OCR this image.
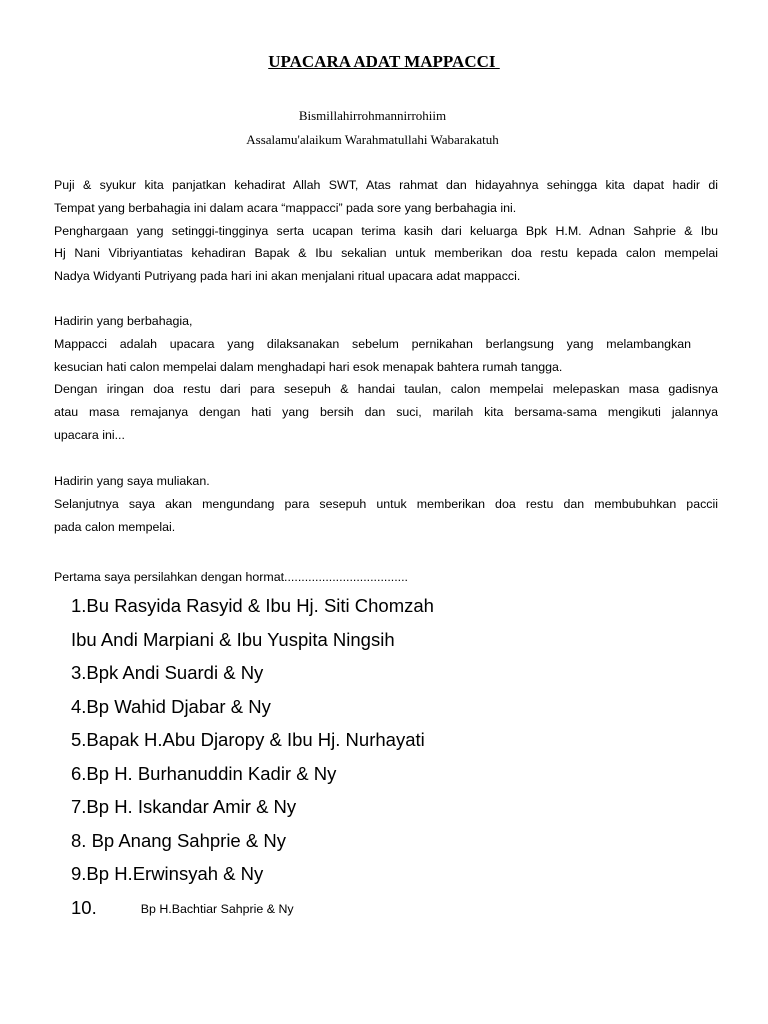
UPACARA ADAT MAPPACCI

Bismillahirrohmannirrohiim

Assalamu'alaikum Warahmatullahi Wabarakatuh

Puji & syukur kita panjatkan kehadirat Allah SWT, Atas rahmat dan hidayahnya sehingga kita dapat hadir di
Tempat yang berbahagia ini dalam acara “mappacci” pada sore yang berbahagia ini.
Penghargaan yang setinggi-tingginya serta ucapan terima kasih dari keluarga Bpk H.M. Adnan Sahprie & Ibu
Hj Nani Vibriyantiatas kehadiran Bapak & Ibu sekalian untuk memberikan doa restu kepada calon mempelai
Nadya Widyanti Putriyang pada hari ini akan menjalani ritual upacara adat mappacci.
Hadirin yang berbahagia,
Mappacci adalah upacara yang dilaksanakan sebelum pernikahan berlangsung yang melambangkan
kesucian hati calon mempelai dalam menghadapi hari esok menapak bahtera rumah tangga.
Dengan iringan doa restu dari para sesepuh & handai taulan, calon mempelai melepaskan masa gadisnya
atau masa remajanya dengan hati yang bersih dan suci, marilah kita bersama-sama mengikuti jalannya
upacara ini...
Hadirin yang saya muliakan.
Selanjutnya saya akan mengundang para sesepuh untuk memberikan doa restu dan membubuhkan paccii
pada calon mempelai.
Pertama saya persilahkan dengan hormat....................................
1.Bu Rasyida Rasyid & Ibu Hj. Siti Chomzah
Ibu Andi Marpiani & Ibu Yuspita Ningsih
3.Bpk Andi Suardi & Ny
4.Bp Wahid Djabar & Ny
5.Bapak H.Abu Djaropy & Ibu Hj. Nurhayati
6.Bp H. Burhanuddin Kadir & Ny
7.Bp H. Iskandar Amir & Ny
8. Bp Anang Sahprie & Ny
9.Bp H.Erwinsyah & Ny
10.	Bp H.Bachtiar Sahprie & Ny
